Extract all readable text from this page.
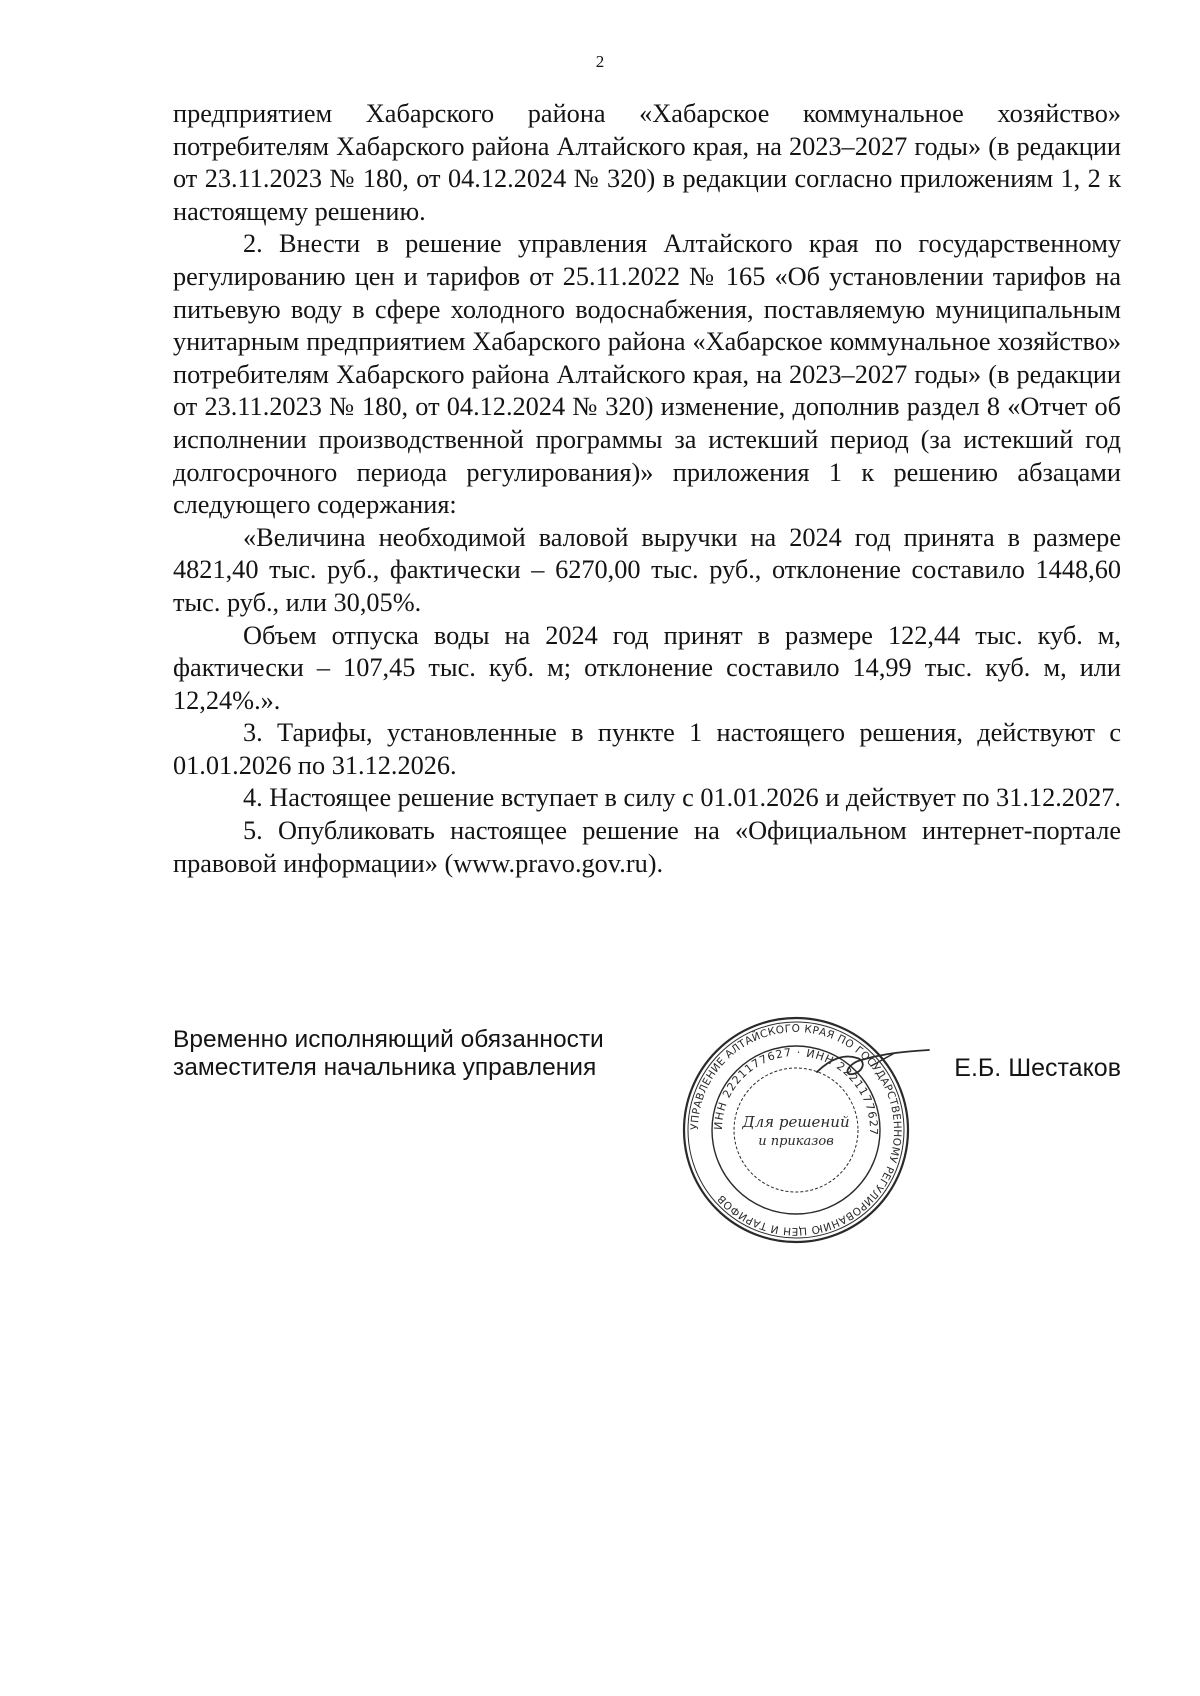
2

предприятием Хабарского района «Хабарское коммунальное хозяйство» потребителям Хабарского района Алтайского края, на 2023–2027 годы» (в редакции от 23.11.2023 № 180, от 04.12.2024 № 320) в редакции согласно приложениям 1, 2 к настоящему решению.

2. Внести в решение управления Алтайского края по государственному регулированию цен и тарифов от 25.11.2022 № 165 «Об установлении тарифов на питьевую воду в сфере холодного водоснабжения, поставляемую муниципальным унитарным предприятием Хабарского района «Хабарское коммунальное хозяйство» потребителям Хабарского района Алтайского края, на 2023–2027 годы» (в редакции от 23.11.2023 № 180, от 04.12.2024 № 320) изменение, дополнив раздел 8 «Отчет об исполнении производственной программы за истекший период (за истекший год долгосрочного периода регулирования)» приложения 1 к решению абзацами следующего содержания:

«Величина необходимой валовой выручки на 2024 год принята в размере 4821,40 тыс. руб., фактически – 6270,00 тыс. руб., отклонение составило 1448,60 тыс. руб., или 30,05%.

Объем отпуска воды на 2024 год принят в размере 122,44 тыс. куб. м, фактически – 107,45 тыс. куб. м; отклонение составило 14,99 тыс. куб. м, или 12,24%.».

3. Тарифы, установленные в пункте 1 настоящего решения, действуют с 01.01.2026 по 31.12.2026.

4. Настоящее решение вступает в силу с 01.01.2026 и действует по 31.12.2027.

5. Опубликовать настоящее решение на «Официальном интернет-портале правовой информации» (www.pravo.gov.ru).

Временно исполняющий обязанности
заместителя начальника управления
УПРАВЛЕНИЕ АЛТАЙСКОГО КРАЯ ПО ГОСУДАРСТВЕННОМУ РЕГУЛИРОВАНИЮ ЦЕН И ТАРИФОВ
ИНН 2221177627 · ИНН 2221177627
Для решений
и приказов
Е.Б. Шестаков
